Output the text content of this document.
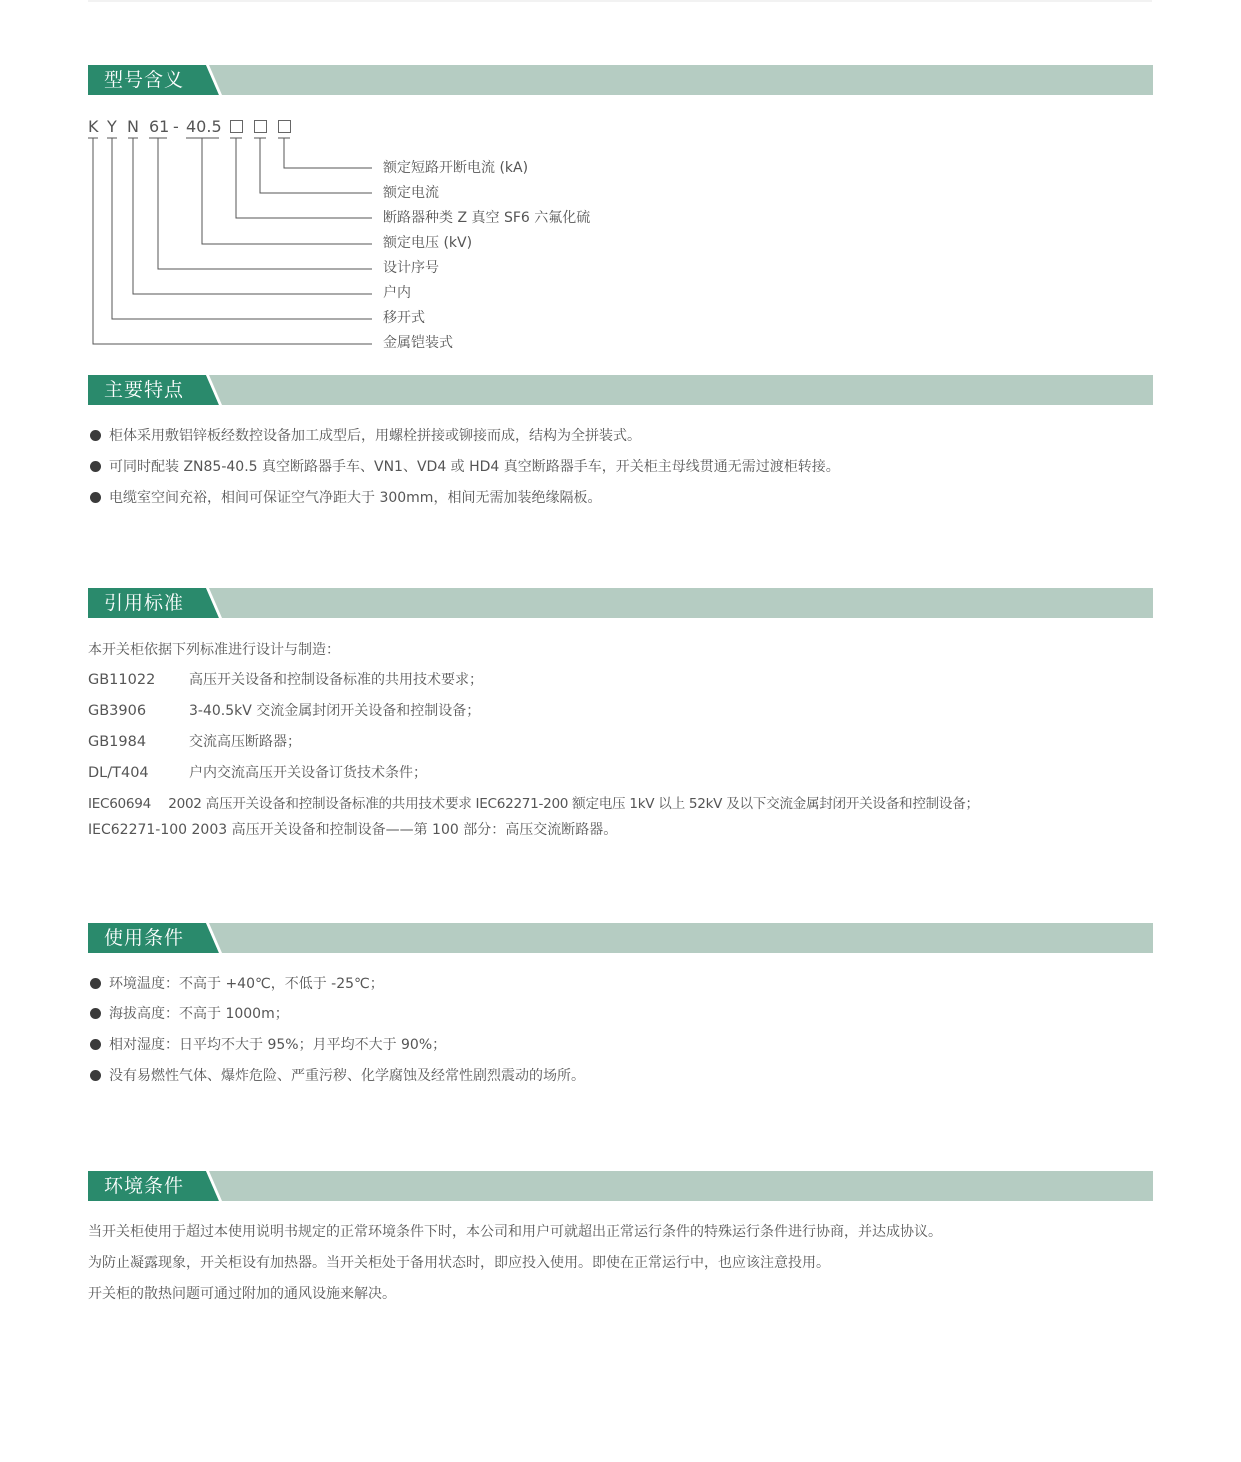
型号含义
K Y N 61 - 40.5
额定短路开断电流 (kA)
额定电流
断路器种类 Z 真空 SF6 六氟化硫
额定电压 (kV)
设计序号
户内
移开式
金属铠装式
主要特点
柜体采用敷铝锌板经数控设备加工成型后，用螺栓拼接或铆接而成，结构为全拼装式。
可同时配装 ZN85-40.5 真空断路器手车、VN1、VD4 或 HD4 真空断路器手车，开关柜主母线贯通无需过渡柜转接。
电缆室空间充裕，相间可保证空气净距大于 300mm，相间无需加装绝缘隔板。
引用标准
本开关柜依据下列标准进行设计与制造：
GB11022 高压开关设备和控制设备标准的共用技术要求；
GB3906	3-40.5kV 交流金属封闭开关设备和控制设备；
GB1984	交流高压断路器；
DL/T404	户内交流高压开关设备订货技术条件；
IEC60694　 2002 高压开关设备和控制设备标准的共用技术要求 IEC62271-200 额定电压 1kV 以上 52kV 及以下交流金属封闭开关设备和控制设备；
IEC62271-100 2003 高压开关设备和控制设备——第 100 部分：高压交流断路器。
使用条件
环境温度：不高于 +40℃，不低于 -25℃；
海拔高度：不高于 1000m；
相对湿度：日平均不大于 95%；月平均不大于 90%；
没有易燃性气体、爆炸危险、严重污秽、化学腐蚀及经常性剧烈震动的场所。
环境条件
当开关柜使用于超过本使用说明书规定的正常环境条件下时，本公司和用户可就超出正常运行条件的特殊运行条件进行协商，并达成协议。
为防止凝露现象，开关柜设有加热器。当开关柜处于备用状态时，即应投入使用。即使在正常运行中，也应该注意投用。
开关柜的散热问题可通过附加的通风设施来解决。
